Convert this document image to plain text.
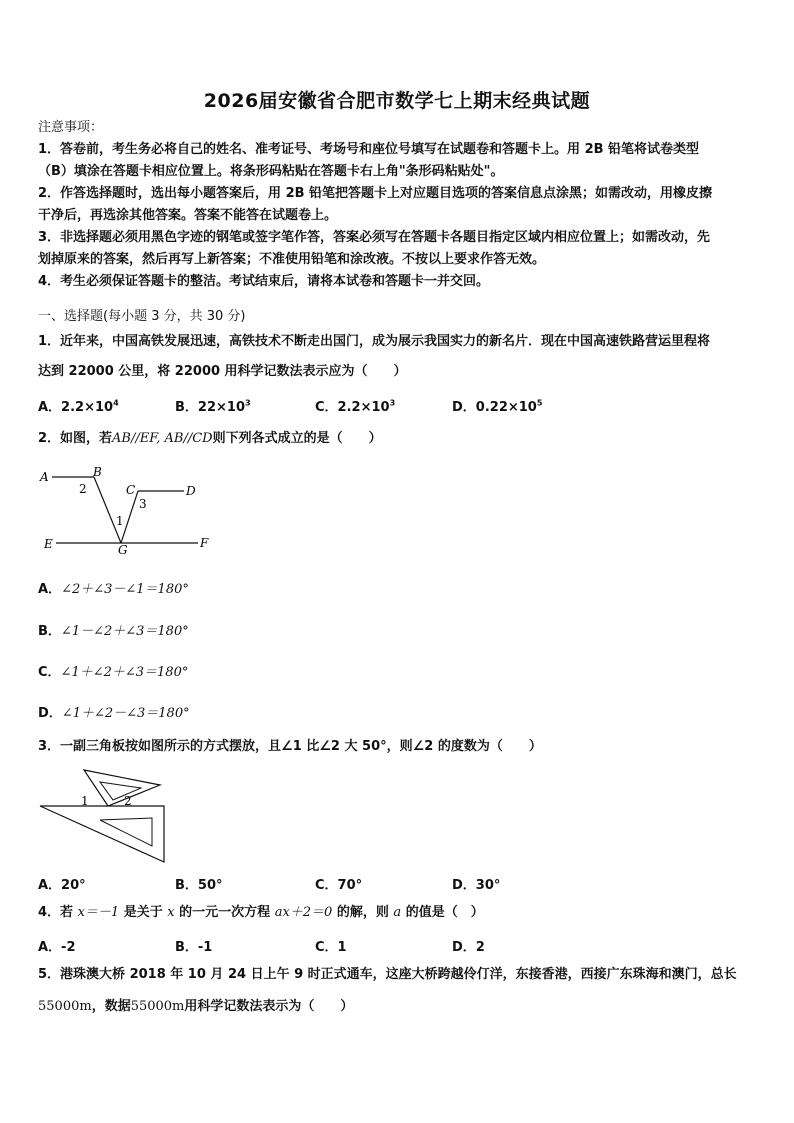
2026届安徽省合肥市数学七上期末经典试题
注意事项：
1．答卷前，考生务必将自己的姓名、准考证号、考场号和座位号填写在试题卷和答题卡上。用 2B 铅笔将试卷类型
（B）填涂在答题卡相应位置上。将条形码粘贴在答题卡右上角"条形码粘贴处"。
2．作答选择题时，选出每小题答案后，用 2B 铅笔把答题卡上对应题目选项的答案信息点涂黑；如需改动，用橡皮擦
干净后，再选涂其他答案。答案不能答在试题卷上。
3．非选择题必须用黑色字迹的钢笔或签字笔作答，答案必须写在答题卡各题目指定区域内相应位置上；如需改动，先
划掉原来的答案，然后再写上新答案；不准使用铅笔和涂改液。不按以上要求作答无效。
4．考生必须保证答题卡的整洁。考试结束后，请将本试卷和答题卡一并交回。
一、选择题(每小题 3 分，共 30 分)
1．近年来，中国高铁发展迅速，高铁技术不断走出国门，成为展示我国实力的新名片．现在中国高速铁路营运里程将
达到 22000 公里，将 22000 用科学记数法表示应为（　　）
A．$2.2\times 10^4$	B．$22\times 10^3$	C．$2.2\times 10^3$	D．$0.22\times 10^5$
2．如图，若AB//EF, AB//CD则下列各式成立的是（　　）
A	B
C	D
E	F
G
2
1
3
A．∠2＋∠3－∠1＝180°
B．∠1－∠2＋∠3＝180°
C．∠1＋∠2＋∠3＝180°
D．∠1＋∠2－∠3＝180°
3．一副三角板按如图所示的方式摆放，且∠1 比∠2 大 50°，则∠2 的度数为（　　）
1	2
A．20°	B．50°	C．70°	D．30°
4．若 x＝－1 是关于 x 的一元一次方程 ax＋2＝0 的解，则 a 的值是（　）
A．-2	B．-1	C．1	D．2
5．港珠澳大桥 2018 年 10 月 24 日上午 9 时正式通车，这座大桥跨越伶仃洋，东接香港，西接广东珠海和澳门，总长
55000m，数据55000m用科学记数法表示为（　　）
